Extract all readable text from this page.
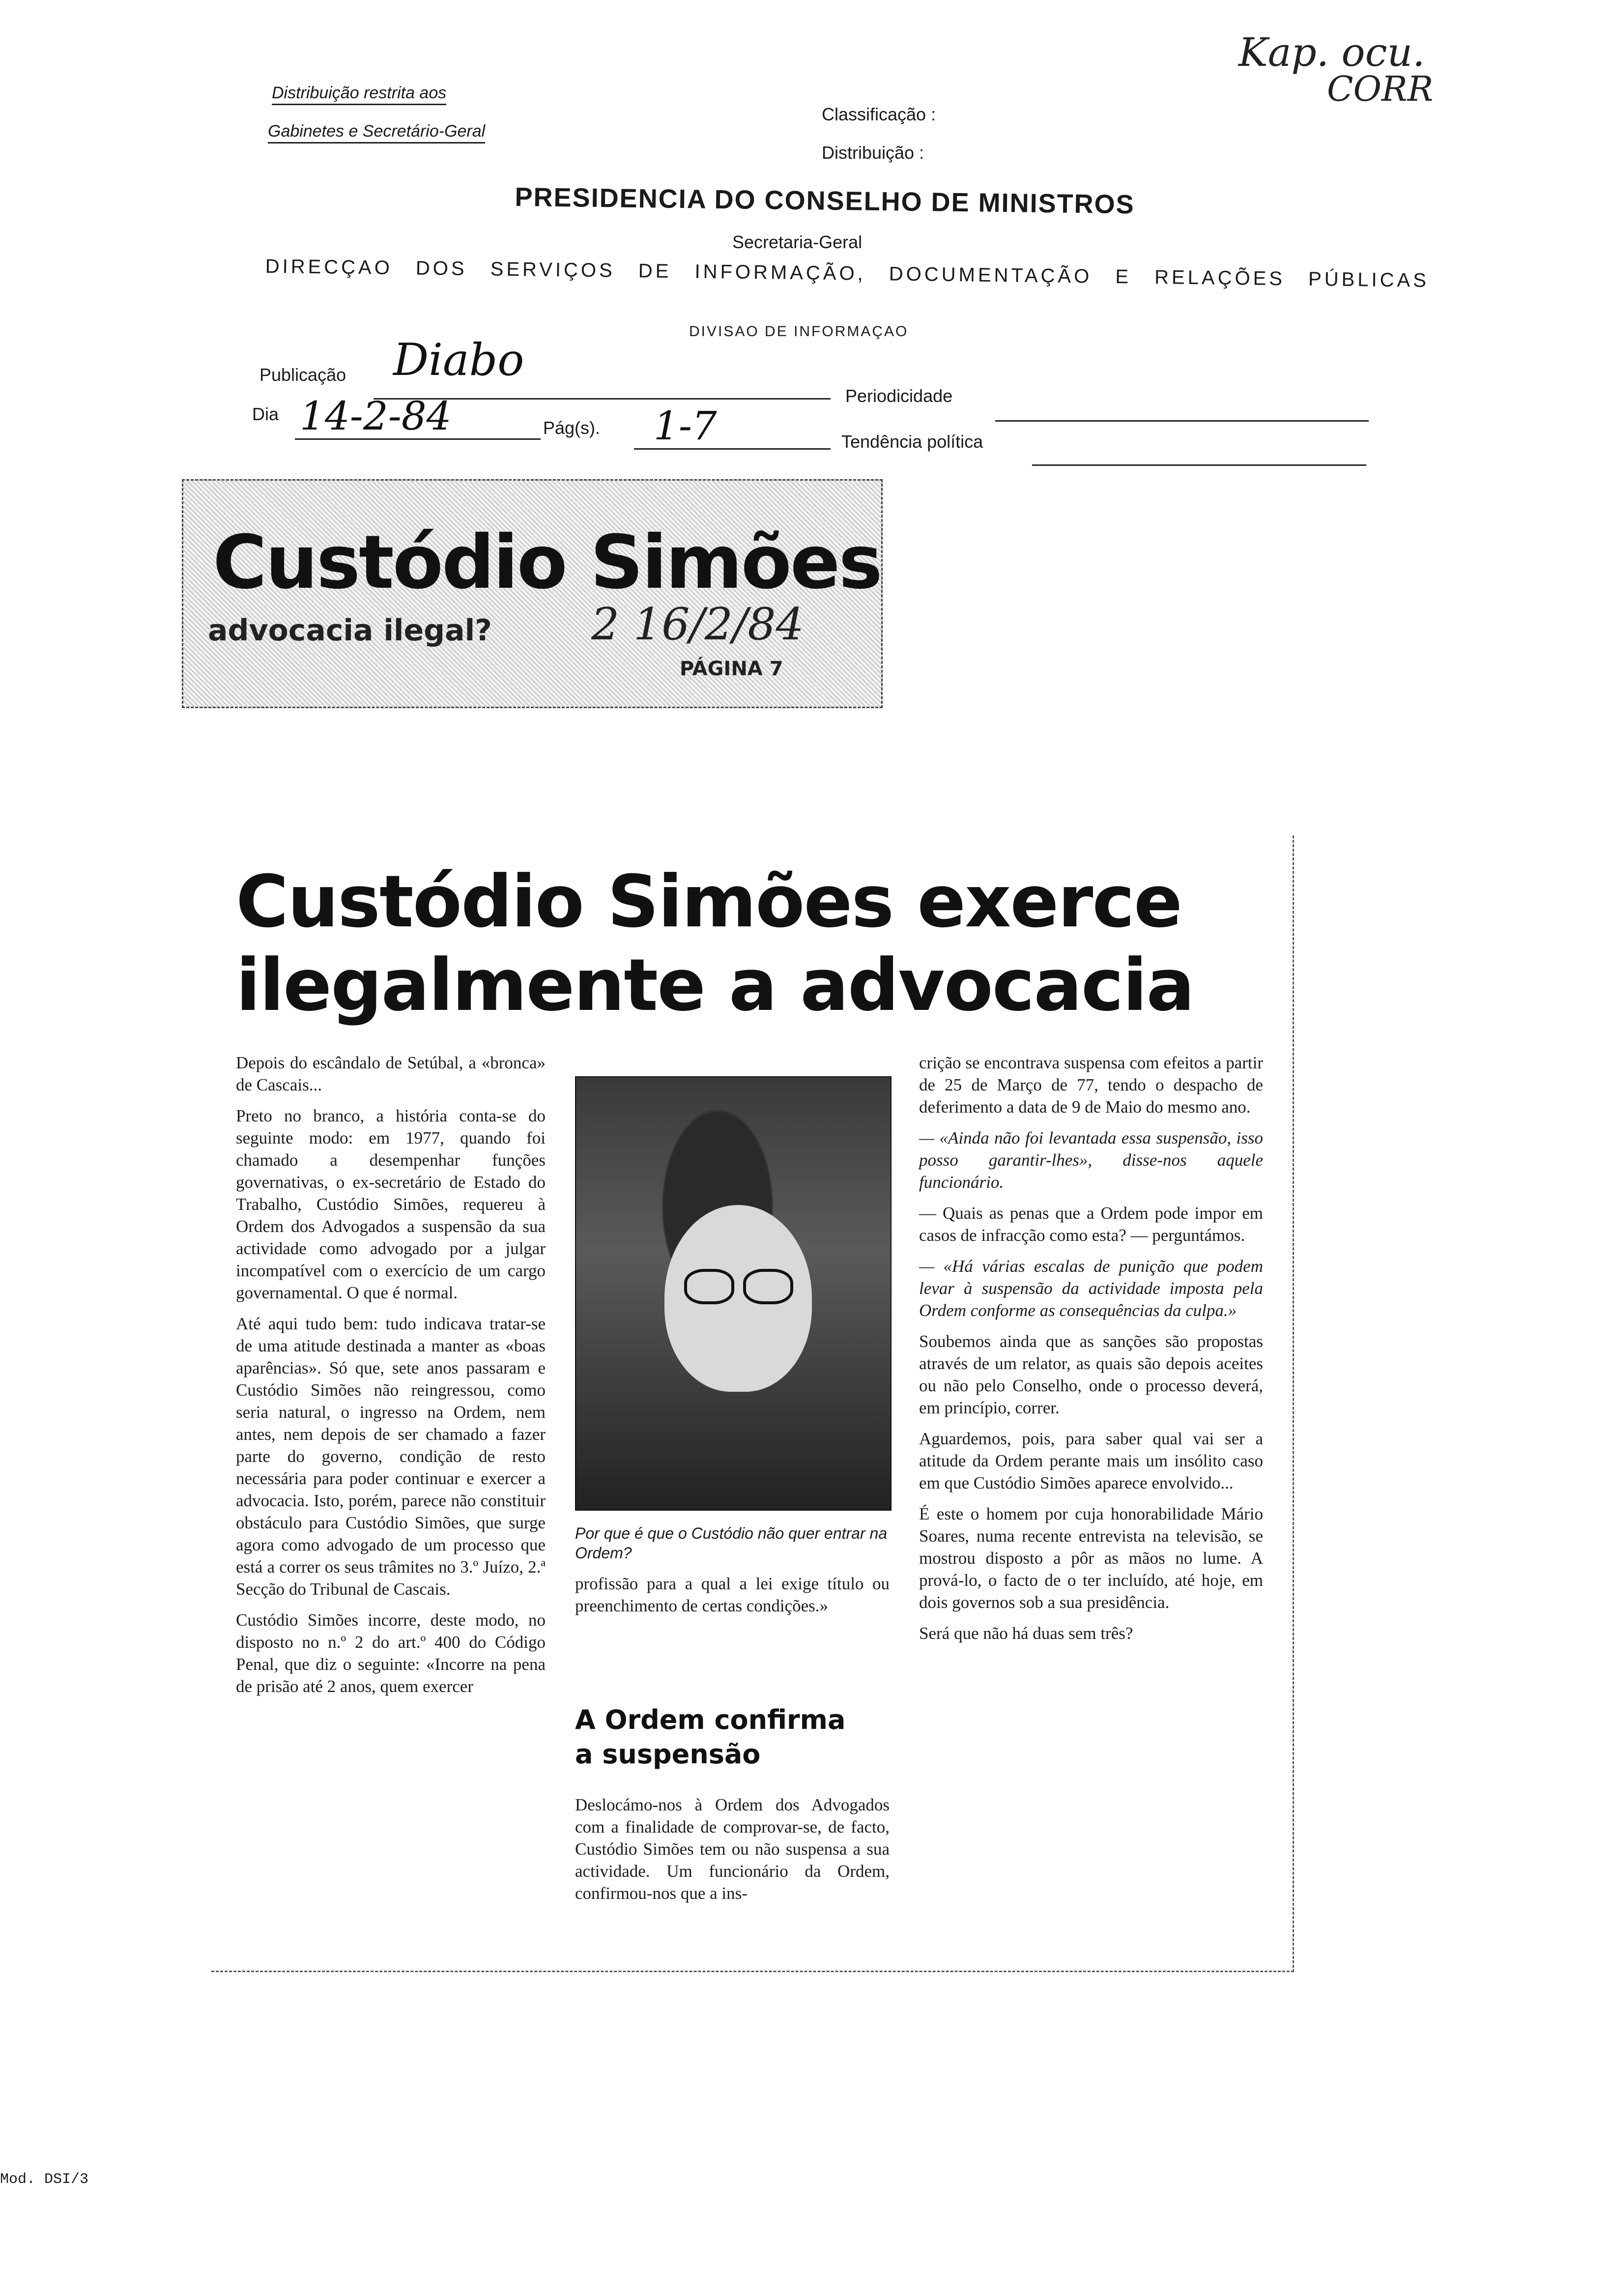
Distribuição restrita aos
Gabinetes e Secretário-Geral
Classificação :
Distribuição :
Kap. ocu.
CORR
PRESIDENCIA DO CONSELHO DE MINISTROS
Secretaria-Geral
DIRECÇAO DOS SERVIÇOS DE INFORMAÇÃO, DOCUMENTAÇÃO E RELAÇÕES PÚBLICAS
DIVISAO DE INFORMAÇAO
Publicação Diabo
Periodicidade
Dia 14-2-84	Pág(s). 1-7	Tendência política
Custódio Simões
advocacia ilegal? 2 16/2/84
PÁGINA 7
Custódio Simões exerce
ilegalmente a advocacia

Depois do escândalo de Setúbal, a «bronca» de Cascais...

Preto no branco, a história conta-se do seguinte modo: em 1977, quando foi chamado a desempenhar funções governativas, o ex-secretário de Estado do Trabalho, Custódio Simões, requereu à Ordem dos Advogados a suspensão da sua actividade como advogado por a julgar incompatível com o exercício de um cargo governamental. O que é normal.

Até aqui tudo bem: tudo indicava tratar-se de uma atitude destinada a manter as «boas aparências». Só que, sete anos passaram e Custódio Simões não reingressou, como seria natural, o ingresso na Ordem, nem antes, nem depois de ser chamado a fazer parte do governo, condição de resto necessária para poder continuar e exercer a advocacia. Isto, porém, parece não constituir obstáculo para Custódio Simões, que surge agora como advogado de um processo que está a correr os seus trâmites no 3.º Juízo, 2.ª Secção do Tribunal de Cascais.

Custódio Simões incorre, deste modo, no disposto no n.º 2 do art.º 400 do Código Penal, que diz o seguinte: «Incorre na pena de prisão até 2 anos, quem exercer

Por que é que o Custódio não quer entrar na Ordem?

profissão para a qual a lei exige título ou preenchimento de certas condições.»

A Ordem confirma
a suspensão

Deslocámo-nos à Ordem dos Advogados com a finalidade de comprovar-se, de facto, Custódio Simões tem ou não suspensa a sua actividade. Um funcionário da Ordem, confirmou-nos que a ins-

crição se encontrava suspensa com efeitos a partir de 25 de Março de 77, tendo o despacho de deferimento a data de 9 de Maio do mesmo ano.

— «Ainda não foi levantada essa suspensão, isso posso garantir-lhes», disse-nos aquele funcionário.

— Quais as penas que a Ordem pode impor em casos de infracção como esta? — perguntámos.

— «Há várias escalas de punição que podem levar à suspensão da actividade imposta pela Ordem conforme as consequências da culpa.»

Soubemos ainda que as sanções são propostas através de um relator, as quais são depois aceites ou não pelo Conselho, onde o processo deverá, em princípio, correr.

Aguardemos, pois, para saber qual vai ser a atitude da Ordem perante mais um insólito caso em que Custódio Simões aparece envolvido...

É este o homem por cuja honorabilidade Mário Soares, numa recente entrevista na televisão, se mostrou disposto a pôr as mãos no lume. A prová-lo, o facto de o ter incluído, até hoje, em dois governos sob a sua presidência.

Será que não há duas sem três?

Mod. DSI/3
